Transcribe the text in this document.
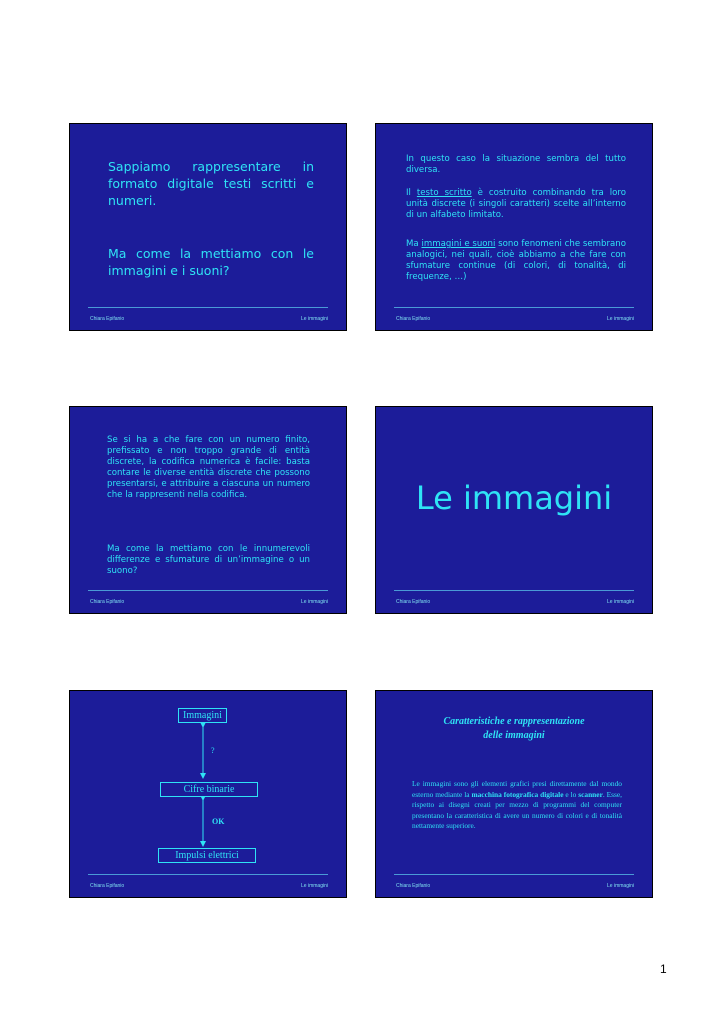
Sappiamo rappresentare in formato digitale testi scritti e numeri.
Ma come la mettiamo con le immagini e i suoni?
Chiara Epifanio	Le immagini
In questo caso la situazione sembra del tutto diversa.
Il testo scritto è costruito combinando tra loro unità discrete (i singoli caratteri) scelte all’interno di un alfabeto limitato.
Ma immagini e suoni sono fenomeni che sembrano analogici, nei quali, cioè abbiamo a che fare con sfumature continue (di colori, di tonalità, di frequenze, …)
Chiara Epifanio	Le immagini
Se si ha a che fare con un numero finito, prefissato e non troppo grande di entità discrete, la codifica numerica è facile: basta contare le diverse entità discrete che possono presentarsi, e attribuire a ciascuna un numero che la rappresenti nella codifica.
Ma come la mettiamo con le innumerevoli differenze e sfumature di un’immagine o un suono?
Chiara Epifanio	Le immagini
Le immagini
Chiara Epifanio	Le immagini
Immagini
?
Cifre binarie
OK
Impulsi elettrici
Chiara Epifanio	Le immagini
Caratteristiche e rappresentazione
delle immagini
Le immagini sono gli elementi grafici presi direttamente dal mondo esterno mediante la macchina fotografica digitale e lo scanner. Esse, rispetto ai disegni creati per mezzo di programmi del computer presentano la caratteristica di avere un numero di colori e di tonalità nettamente superiore.
Chiara Epifanio	Le immagini
1
